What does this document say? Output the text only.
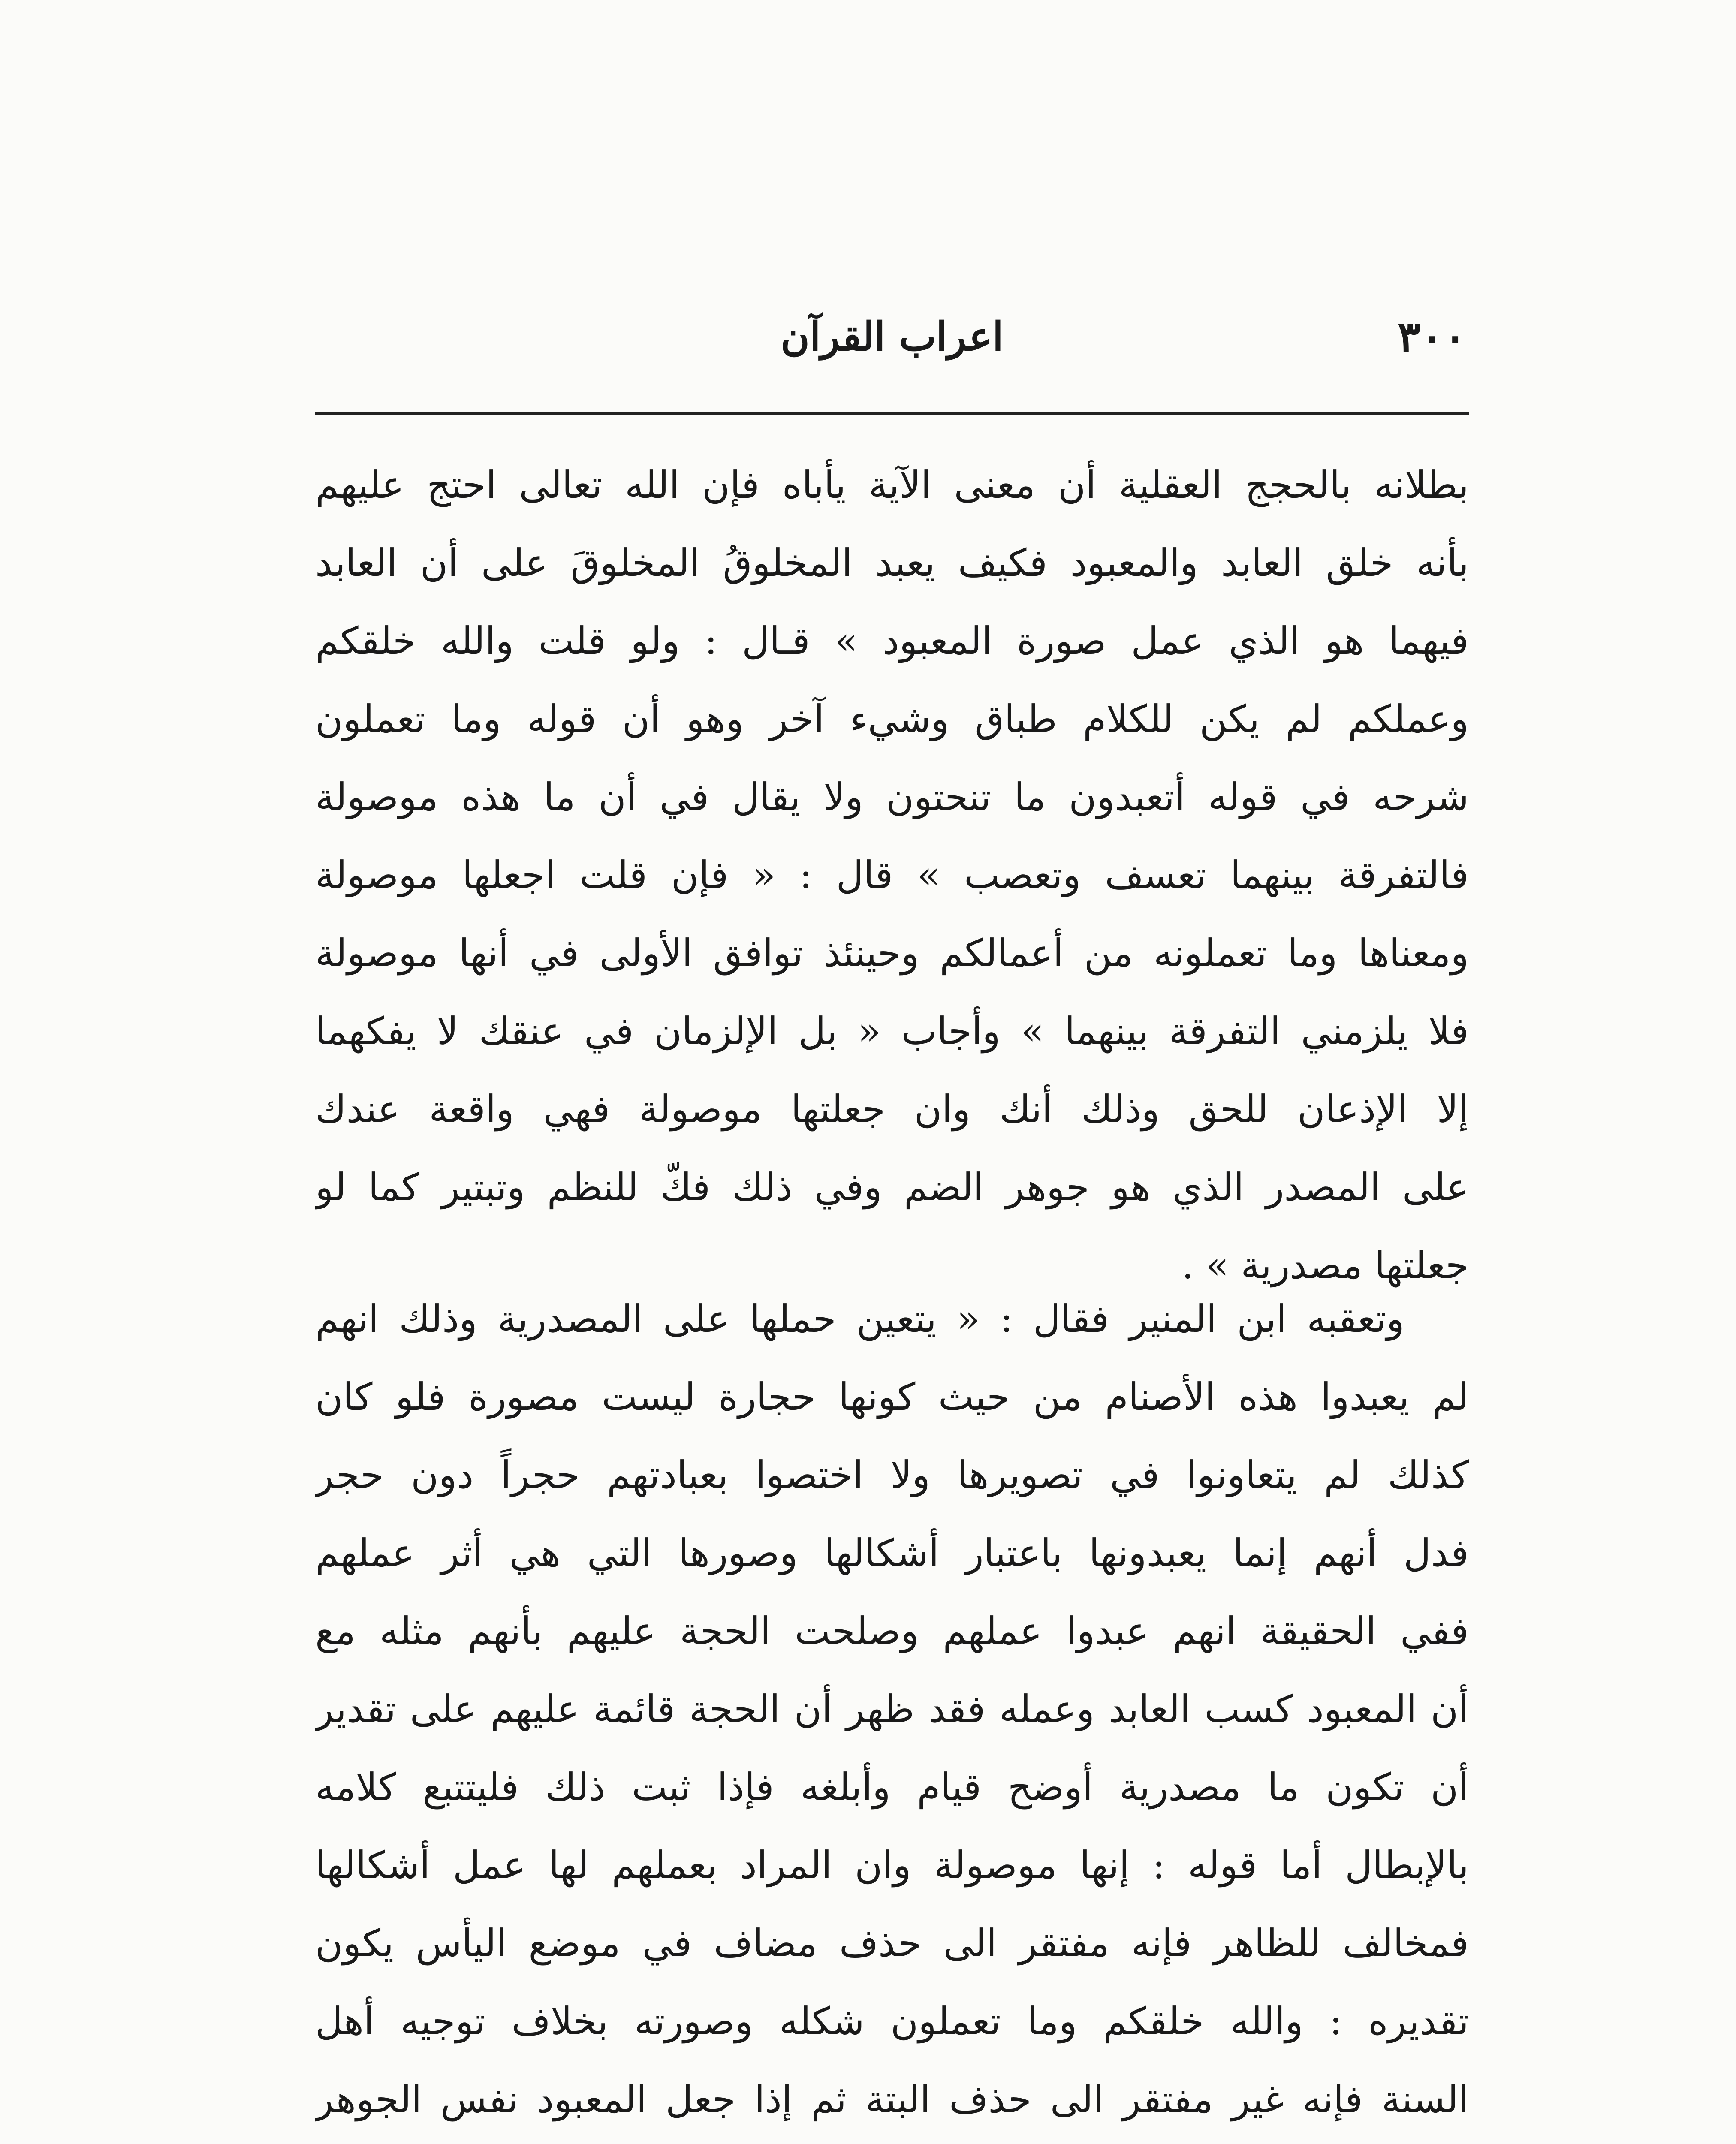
٣٠٠
اعراب القرآن
بطلانه بالحجج العقلية أن معنى الآية يأباه فإن الله تعالى احتج عليهم
بأنه خلق العابد والمعبود فكيف يعبد المخلوقُ المخلوقَ على أن العابد
فيهما هو الذي عمل صورة المعبود » قـال : ولو قلت والله خلقكم
وعملكم لم يكن للكلام طباق وشيء آخر وهو أن قوله وما تعملون
شرحه في قوله أتعبدون ما تنحتون ولا يقال في أن ما هذه موصولة
فالتفرقة بينهما تعسف وتعصب » قال : « فإن قلت اجعلها موصولة
ومعناها وما تعملونه من أعمالكم وحينئذ توافق الأولى في أنها موصولة
فلا يلزمني التفرقة بينهما » وأجاب « بل الإلزمان في عنقك لا يفكهما
إلا الإذعان للحق وذلك أنك وان جعلتها موصولة فهي واقعة عندك
على المصدر الذي هو جوهر الضم وفي ذلك فكّ للنظم وتبتير كما لو
جعلتها مصدرية » .
وتعقبه ابن المنير فقال : « يتعين حملها على المصدرية وذلك انهم
لم يعبدوا هذه الأصنام من حيث كونها حجارة ليست مصورة فلو كان
كذلك لم يتعاونوا في تصويرها ولا اختصوا بعبادتهم حجراً دون حجر
فدل أنهم إنما يعبدونها باعتبار أشكالها وصورها التي هي أثر عملهم
ففي الحقيقة انهم عبدوا عملهم وصلحت الحجة عليهم بأنهم مثله مع
أن المعبود كسب العابد وعمله فقد ظهر أن الحجة قائمة عليهم على تقدير
أن تكون ما مصدرية أوضح قيام وأبلغه فإذا ثبت ذلك فليتتبع كلامه
بالإبطال أما قوله : إنها موصولة وان المراد بعملهم لها عمل أشكالها
فمخالف للظاهر فإنه مفتقر الى حذف مضاف في موضع اليأس يكون
تقديره : والله خلقكم وما تعملون شكله وصورته بخلاف توجيه أهل
السنة فإنه غير مفتقر الى حذف البتة ثم إذا جعل المعبود نفس الجوهر
